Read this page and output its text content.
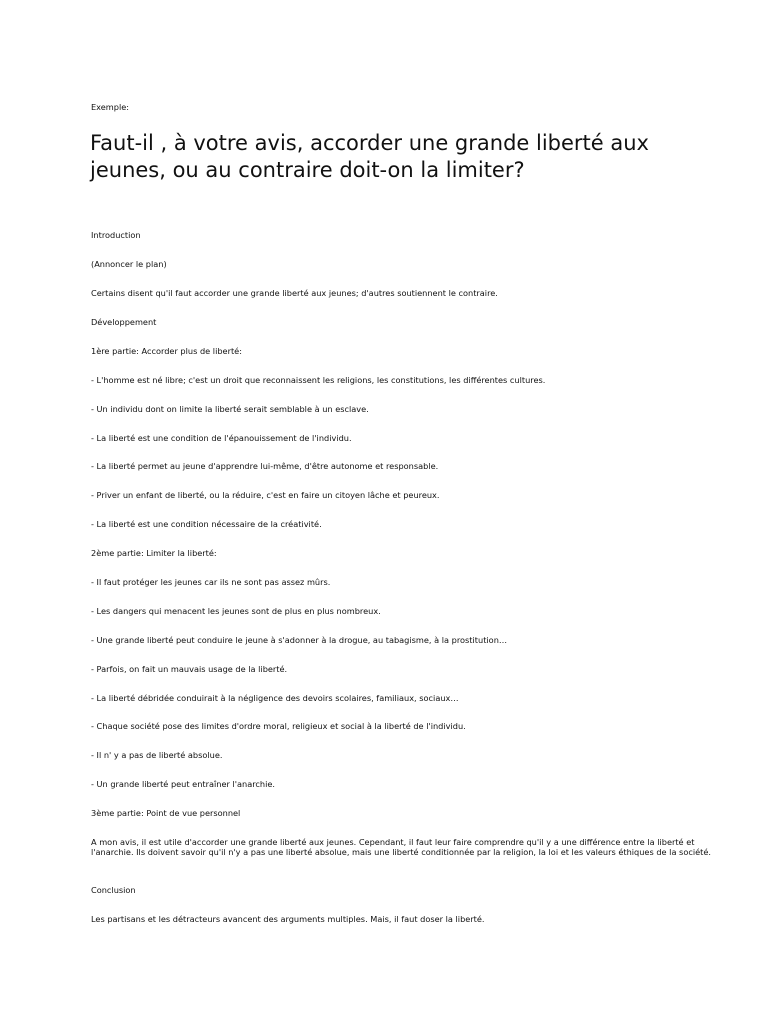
Exemple:
Faut-il , à votre avis, accorder une grande liberté aux jeunes, ou au contraire doit-on la limiter?
Introduction
(Annoncer le plan)
Certains disent qu'il faut accorder une grande liberté aux jeunes; d'autres soutiennent le contraire.
Développement
1ère partie: Accorder plus de liberté:
- L'homme est né libre; c'est un droit que reconnaissent les religions, les constitutions, les différentes cultures.
- Un individu dont on limite la liberté serait semblable à un esclave.
- La liberté est une condition de l'épanouissement de l'individu.
- La liberté permet au jeune d'apprendre lui-même, d'être autonome et responsable.
- Priver un enfant de liberté, ou la réduire, c'est en faire un citoyen lâche et peureux.
- La liberté est une condition nécessaire de la créativité.
2ème partie: Limiter la liberté:
- Il faut protéger les jeunes car ils ne sont pas assez mûrs.
- Les dangers qui menacent les jeunes sont de plus en plus nombreux.
- Une grande liberté peut conduire le jeune à s'adonner à la drogue, au tabagisme, à la prostitution…
- Parfois, on fait un mauvais usage de la liberté.
- La liberté débridée conduirait à la négligence des devoirs scolaires, familiaux, sociaux…
- Chaque société pose des limites d'ordre moral, religieux et social à la liberté de l'individu.
- Il n' y a pas de liberté absolue.
- Un grande liberté peut entraîner l'anarchie.
3ème partie: Point de vue personnel
A mon avis, il est utile d'accorder une grande liberté aux jeunes. Cependant, il faut leur faire comprendre qu'il y a une différence entre la liberté et l'anarchie. Ils doivent savoir qu'il n'y a pas une liberté absolue, mais une liberté conditionnée par la religion, la loi et les valeurs éthiques de la société.
Conclusion
Les partisans et les détracteurs avancent des arguments multiples. Mais, il faut doser la liberté.
